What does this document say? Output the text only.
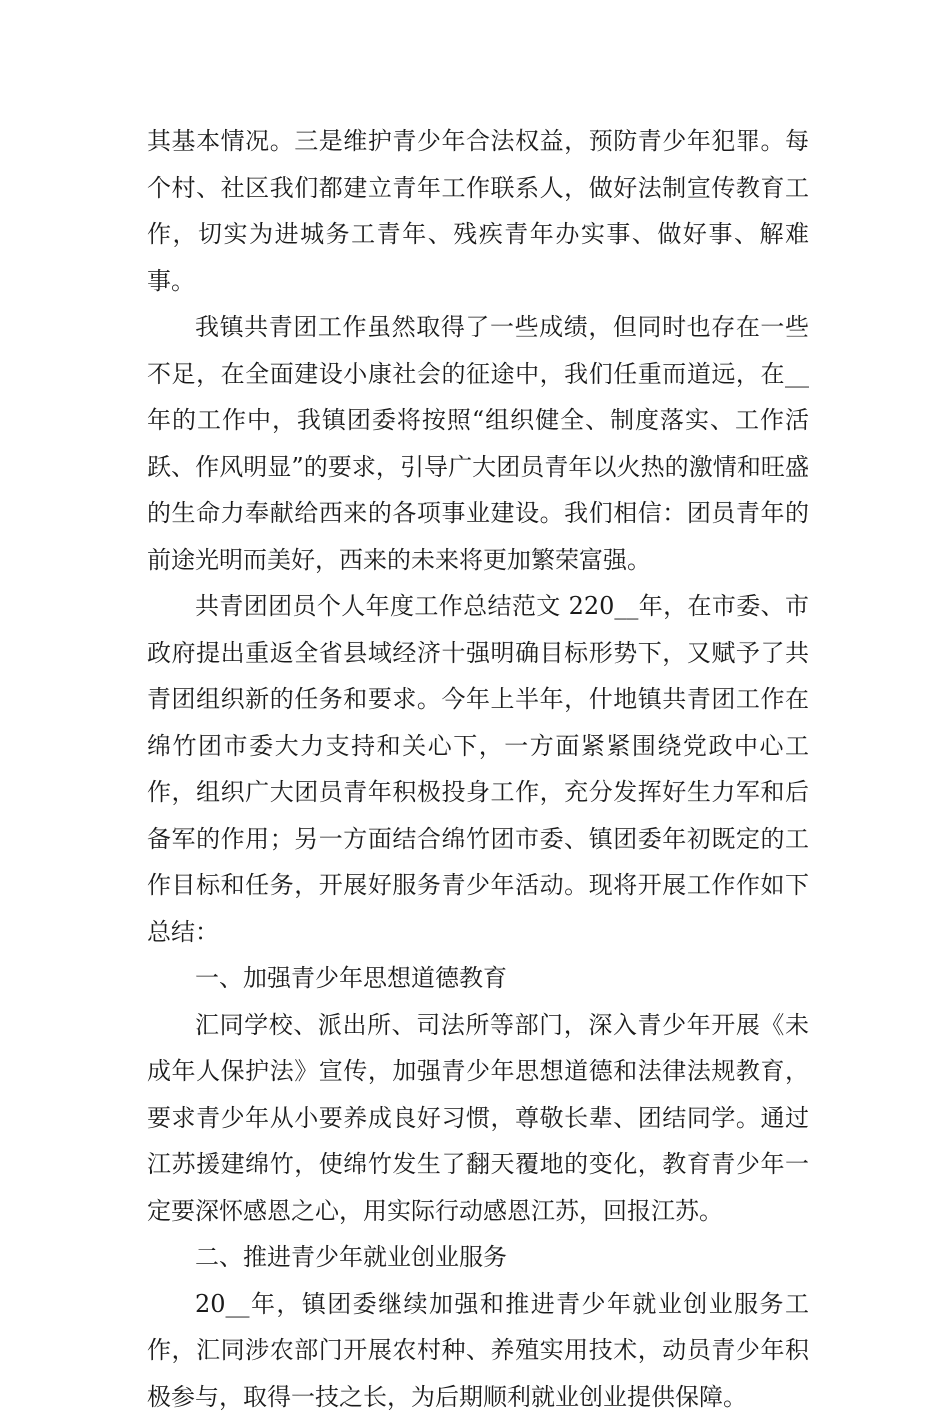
其基本情况。三是维护青少年合法权益，预防青少年犯罪。每个村、社区我们都建立青年工作联系人，做好法制宣传教育工作，切实为进城务工青年、残疾青年办实事、做好事、解难事。

我镇共青团工作虽然取得了一些成绩，但同时也存在一些不足，在全面建设小康社会的征途中，我们任重而道远，在__年的工作中，我镇团委将按照“组织健全、制度落实、工作活跃、作风明显”的要求，引导广大团员青年以火热的激情和旺盛的生命力奉献给西来的各项事业建设。我们相信：团员青年的前途光明而美好，西来的未来将更加繁荣富强。

共青团团员个人年度工作总结范文 220__年，在市委、市政府提出重返全省县域经济十强明确目标形势下，又赋予了共青团组织新的任务和要求。今年上半年，什地镇共青团工作在绵竹团市委大力支持和关心下，一方面紧紧围绕党政中心工作，组织广大团员青年积极投身工作，充分发挥好生力军和后备军的作用；另一方面结合绵竹团市委、镇团委年初既定的工作目标和任务，开展好服务青少年活动。现将开展工作作如下总结：

一、加强青少年思想道德教育

汇同学校、派出所、司法所等部门，深入青少年开展《未成年人保护法》宣传，加强青少年思想道德和法律法规教育，要求青少年从小要养成良好习惯，尊敬长辈、团结同学。通过江苏援建绵竹，使绵竹发生了翻天覆地的变化，教育青少年一定要深怀感恩之心，用实际行动感恩江苏，回报江苏。

二、推进青少年就业创业服务

20__年，镇团委继续加强和推进青少年就业创业服务工作，汇同涉农部门开展农村种、养殖实用技术，动员青少年积极参与，取得一技之长，为后期顺利就业创业提供保障。
